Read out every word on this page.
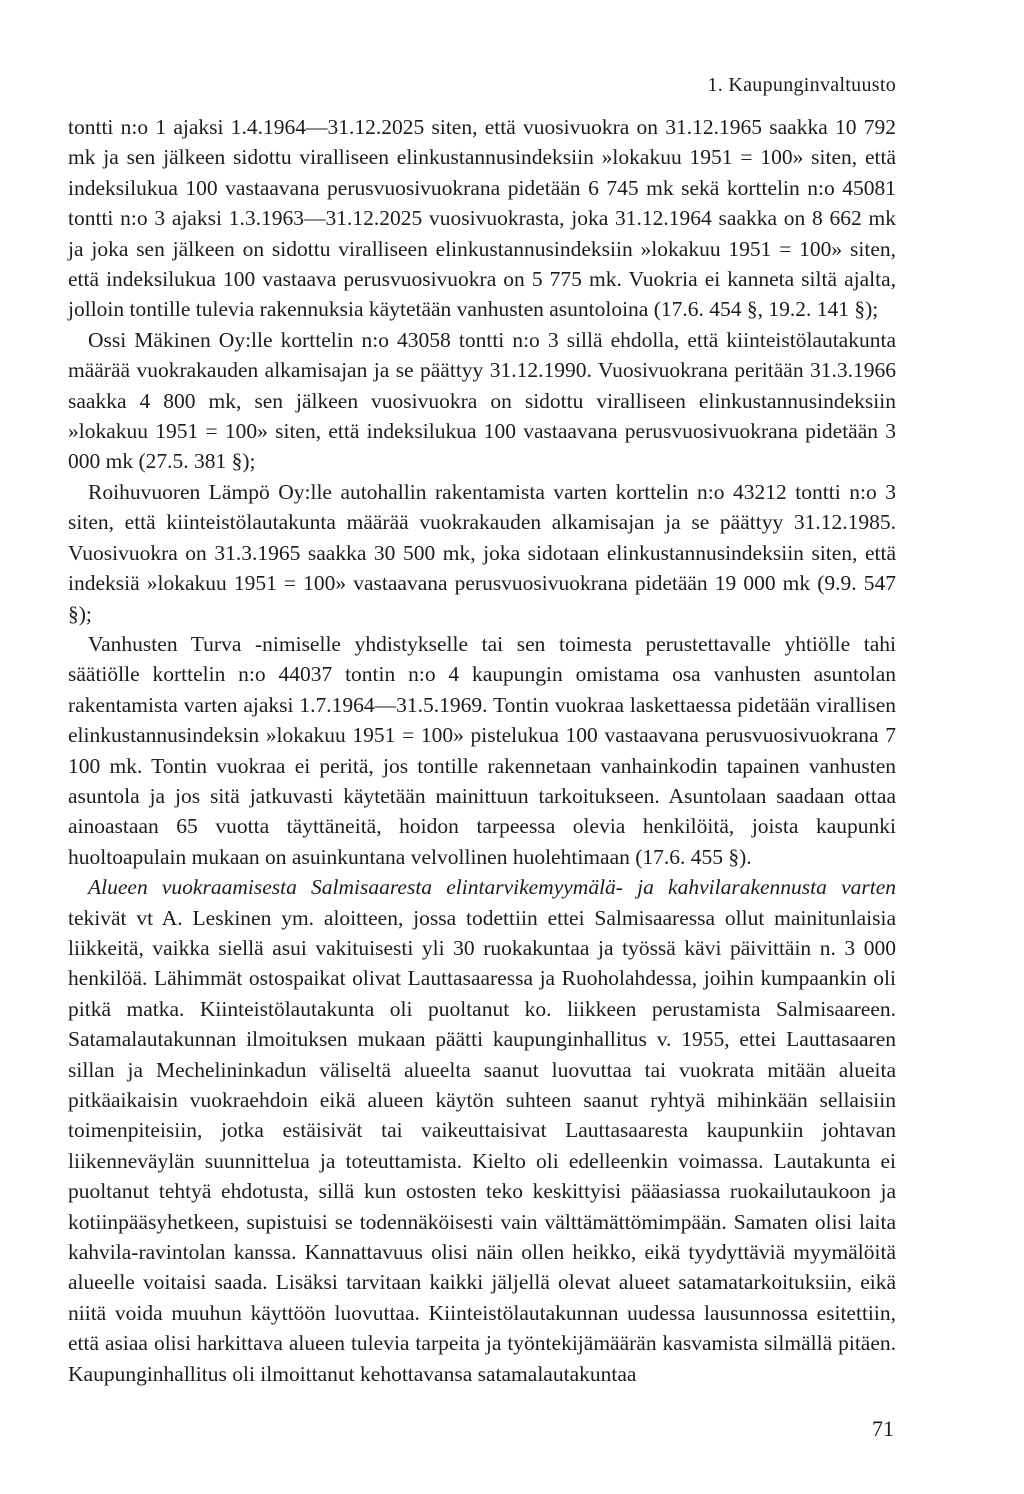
1. Kaupunginvaltuusto

tontti n:o 1 ajaksi 1.4.1964—31.12.2025 siten, että vuosivuokra on 31.12.1965 saakka 10 792 mk ja sen jälkeen sidottu viralliseen elinkustannusindeksiin »lokakuu 1951 = 100» siten, että indeksilukua 100 vastaavana perusvuosivuokrana pidetään 6 745 mk sekä korttelin n:o 45081 tontti n:o 3 ajaksi 1.3.1963—31.12.2025 vuosivuokrasta, joka 31.12.1964 saakka on 8 662 mk ja joka sen jälkeen on sidottu viralliseen elinkustannusindeksiin »lokakuu 1951 = 100» siten, että indeksilukua 100 vastaava perusvuosivuokra on 5 775 mk. Vuokria ei kanneta siltä ajalta, jolloin tontille tulevia rakennuksia käytetään vanhusten asuntoloina (17.6. 454 §, 19.2. 141 §);

Ossi Mäkinen Oy:lle korttelin n:o 43058 tontti n:o 3 sillä ehdolla, että kiinteistölautakunta määrää vuokrakauden alkamisajan ja se päättyy 31.12.1990. Vuosivuokrana peritään 31.3.1966 saakka 4 800 mk, sen jälkeen vuosivuokra on sidottu viralliseen elinkustannusindeksiin »lokakuu 1951 = 100» siten, että indeksilukua 100 vastaavana perusvuosivuokrana pidetään 3 000 mk (27.5. 381 §);

Roihuvuoren Lämpö Oy:lle autohallin rakentamista varten korttelin n:o 43212 tontti n:o 3 siten, että kiinteistölautakunta määrää vuokrakauden alkamisajan ja se päättyy 31.12.1985. Vuosivuokra on 31.3.1965 saakka 30 500 mk, joka sidotaan elinkustannusindeksiin siten, että indeksiä »lokakuu 1951 = 100» vastaavana perusvuosivuokrana pidetään 19 000 mk (9.9. 547 §);

Vanhusten Turva -nimiselle yhdistykselle tai sen toimesta perustettavalle yhtiölle tahi säätiölle korttelin n:o 44037 tontin n:o 4 kaupungin omistama osa vanhusten asuntolan rakentamista varten ajaksi 1.7.1964—31.5.1969. Tontin vuokraa laskettaessa pidetään virallisen elinkustannusindeksin »lokakuu 1951 = 100» pistelukua 100 vastaavana perusvuosivuokrana 7 100 mk. Tontin vuokraa ei peritä, jos tontille rakennetaan vanhainkodin tapainen vanhusten asuntola ja jos sitä jatkuvasti käytetään mainittuun tarkoitukseen. Asuntolaan saadaan ottaa ainoastaan 65 vuotta täyttäneitä, hoidon tarpeessa olevia henkilöitä, joista kaupunki huoltoapulain mukaan on asuinkuntana velvollinen huolehtimaan (17.6. 455 §).

Alueen vuokraamisesta Salmisaaresta elintarvikemyymälä- ja kahvilarakennusta varten tekivät vt A. Leskinen ym. aloitteen, jossa todettiin ettei Salmisaaressa ollut mainitunlaisia liikkeitä, vaikka siellä asui vakituisesti yli 30 ruokakuntaa ja työssä kävi päivittäin n. 3 000 henkilöä. Lähimmät ostospaikat olivat Lauttasaaressa ja Ruoholahdessa, joihin kumpaankin oli pitkä matka. Kiinteistölautakunta oli puoltanut ko. liikkeen perustamista Salmisaareen. Satamalautakunnan ilmoituksen mukaan päätti kaupunginhallitus v. 1955, ettei Lauttasaaren sillan ja Mechelininkadun väliseltä alueelta saanut luovuttaa tai vuokrata mitään alueita pitkäaikaisin vuokraehdoin eikä alueen käytön suhteen saanut ryhtyä mihinkään sellaisiin toimenpiteisiin, jotka estäisivät tai vaikeuttaisivat Lauttasaaresta kaupunkiin johtavan liikenneväylän suunnittelua ja toteuttamista. Kielto oli edelleenkin voimassa. Lautakunta ei puoltanut tehtyä ehdotusta, sillä kun ostosten teko keskittyisi pääasiassa ruokailutaukoon ja kotiinpääsyhetkeen, supistuisi se todennäköisesti vain välttämättömimpään. Samaten olisi laita kahvila-ravintolan kanssa. Kannattavuus olisi näin ollen heikko, eikä tyydyttäviä myymälöitä alueelle voitaisi saada. Lisäksi tarvitaan kaikki jäljellä olevat alueet satamatarkoituksiin, eikä niitä voida muuhun käyttöön luovuttaa. Kiinteistölautakunnan uudessa lausunnossa esitettiin, että asiaa olisi harkittava alueen tulevia tarpeita ja työntekijämäärän kasvamista silmällä pitäen. Kaupunginhallitus oli ilmoittanut kehottavansa satamalautakuntaa

71
